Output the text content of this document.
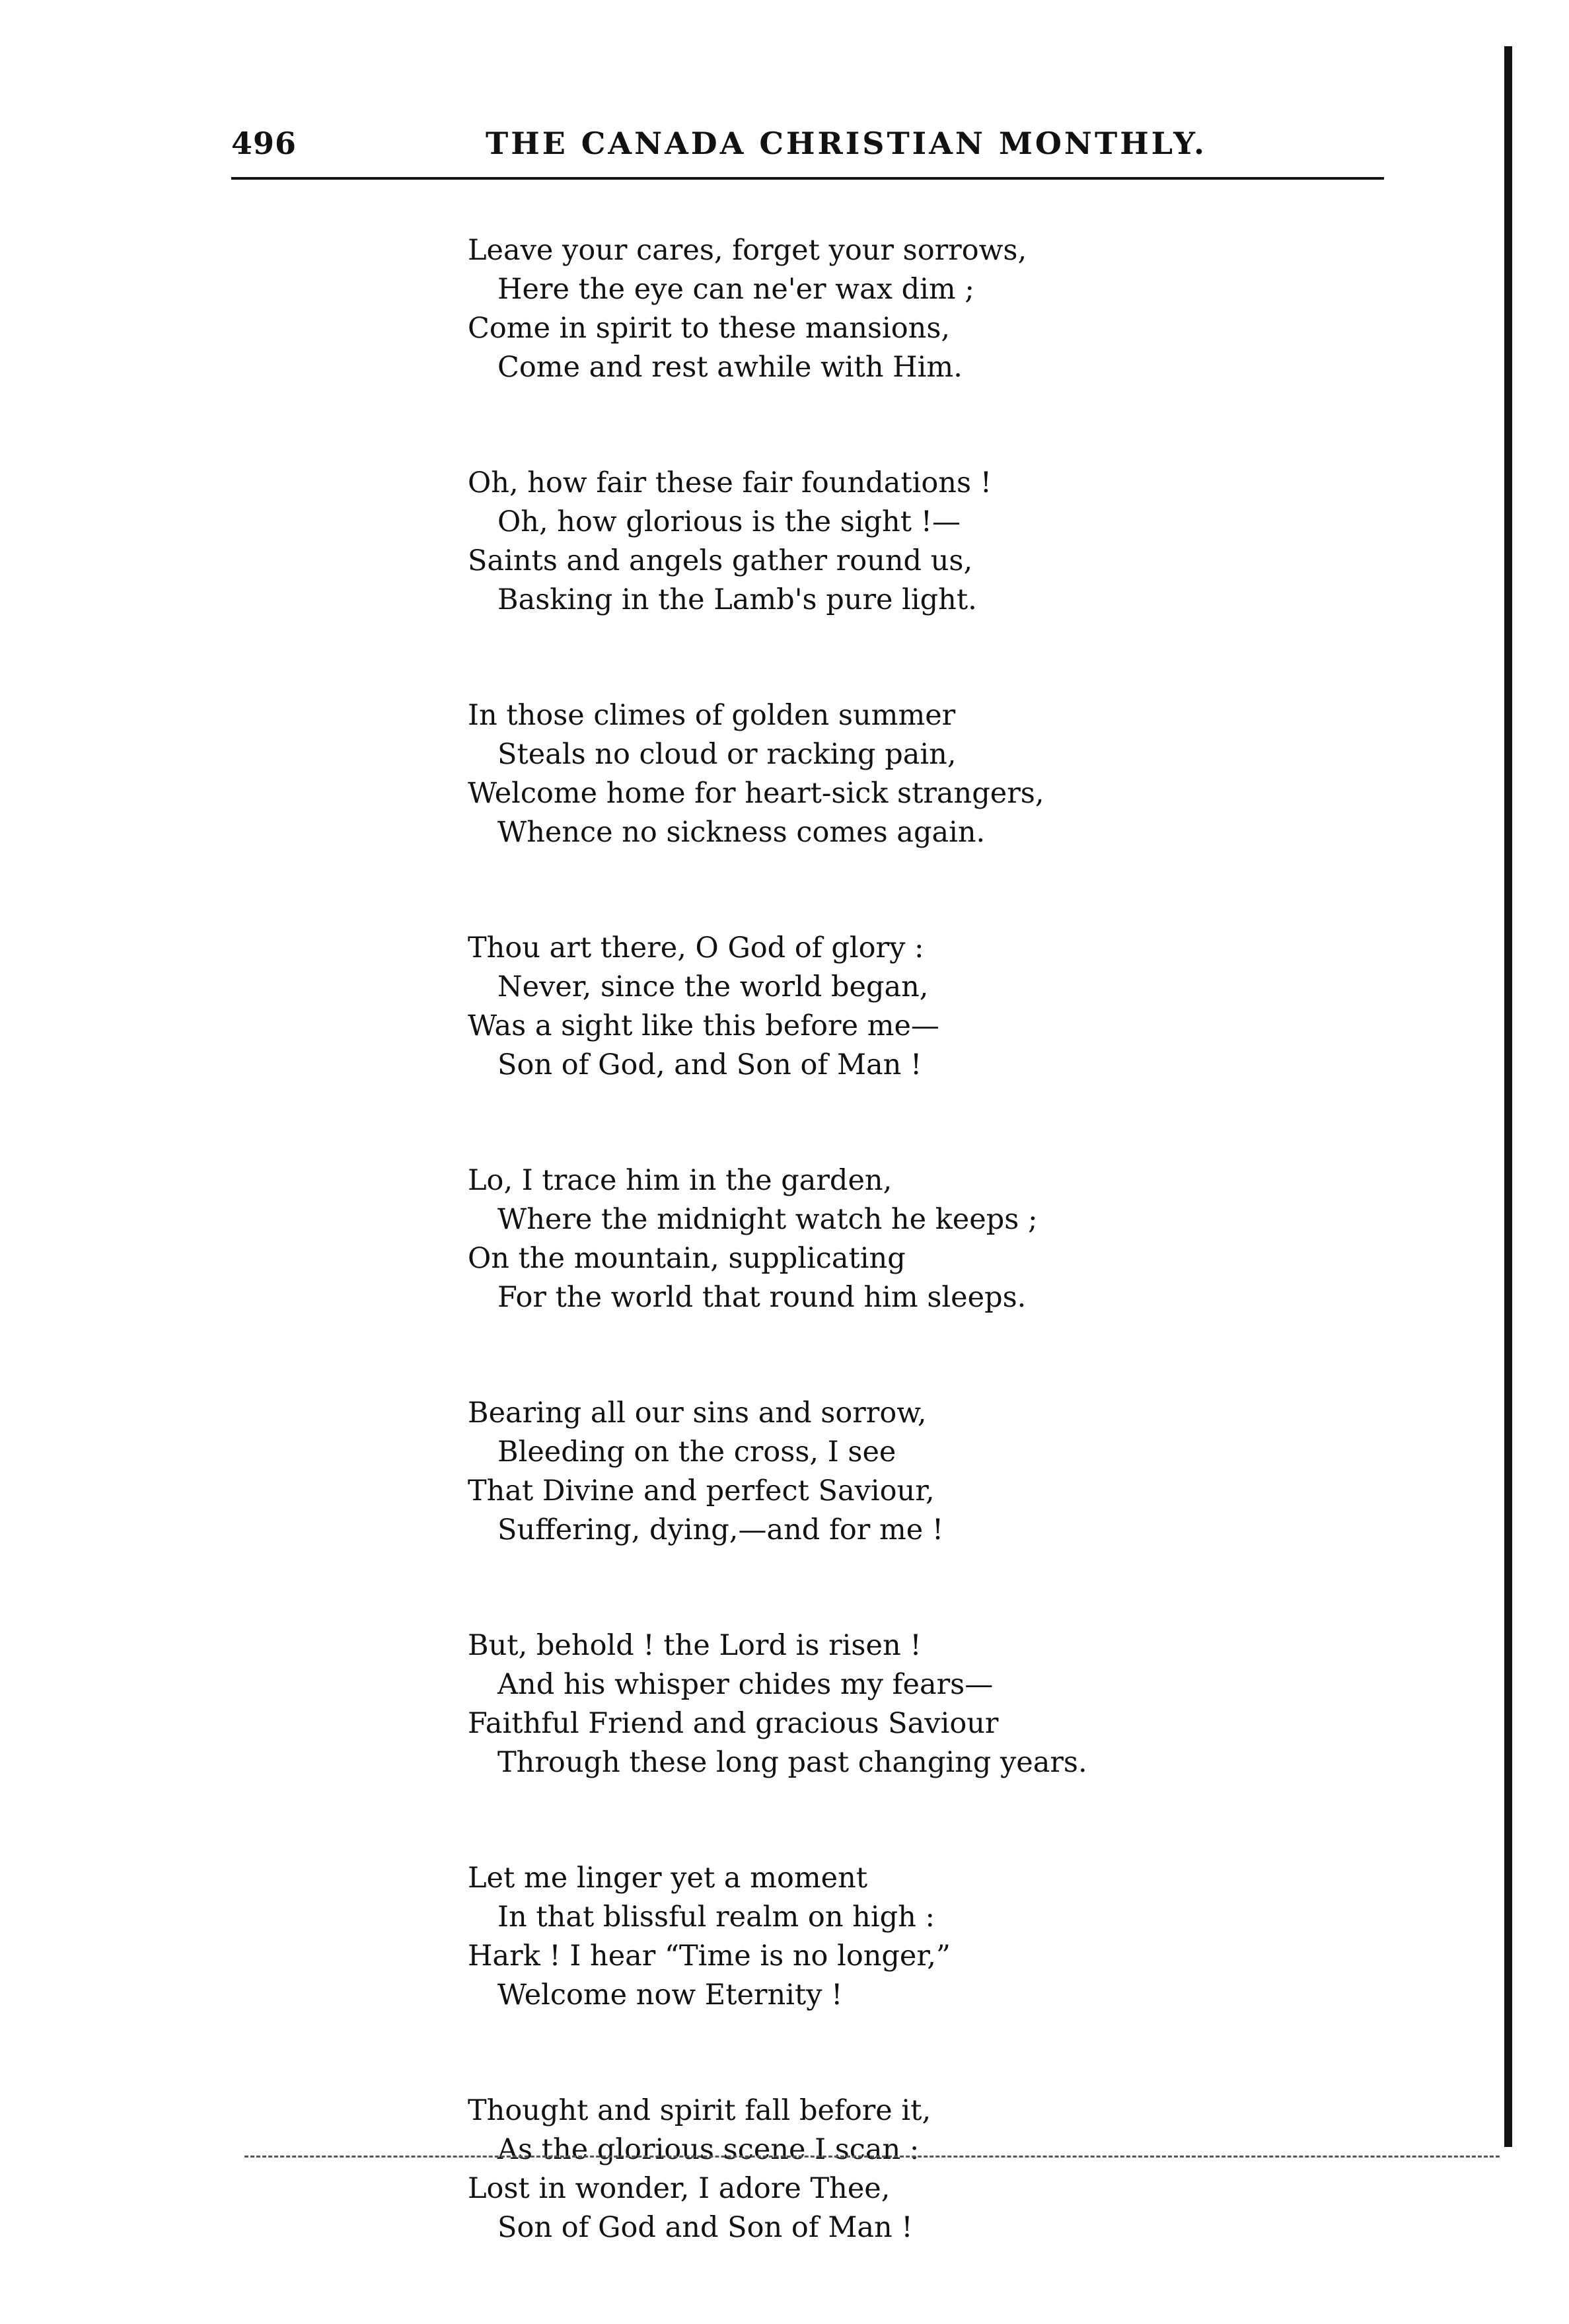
496	THE CANADA CHRISTIAN MONTHLY.
Leave your cares, forget your sorrows,
Here the eye can ne'er wax dim ;
Come in spirit to these mansions,
Come and rest awhile with Him.
Oh, how fair these fair foundations !
Oh, how glorious is the sight !—
Saints and angels gather round us,
Basking in the Lamb's pure light.
In those climes of golden summer
Steals no cloud or racking pain,
Welcome home for heart-sick strangers,
Whence no sickness comes again.
Thou art there, O God of glory :
Never, since the world began,
Was a sight like this before me—
Son of God, and Son of Man !
Lo, I trace him in the garden,
Where the midnight watch he keeps ;
On the mountain, supplicating
For the world that round him sleeps.
Bearing all our sins and sorrow,
Bleeding on the cross, I see
That Divine and perfect Saviour,
Suffering, dying,—and for me !
But, behold ! the Lord is risen !
And his whisper chides my fears—
Faithful Friend and gracious Saviour
Through these long past changing years.
Let me linger yet a moment
In that blissful realm on high :
Hark ! I hear “Time is no longer,”
Welcome now Eternity !
Thought and spirit fall before it,
As the glorious scene I scan :
Lost in wonder, I adore Thee,
Son of God and Son of Man !
